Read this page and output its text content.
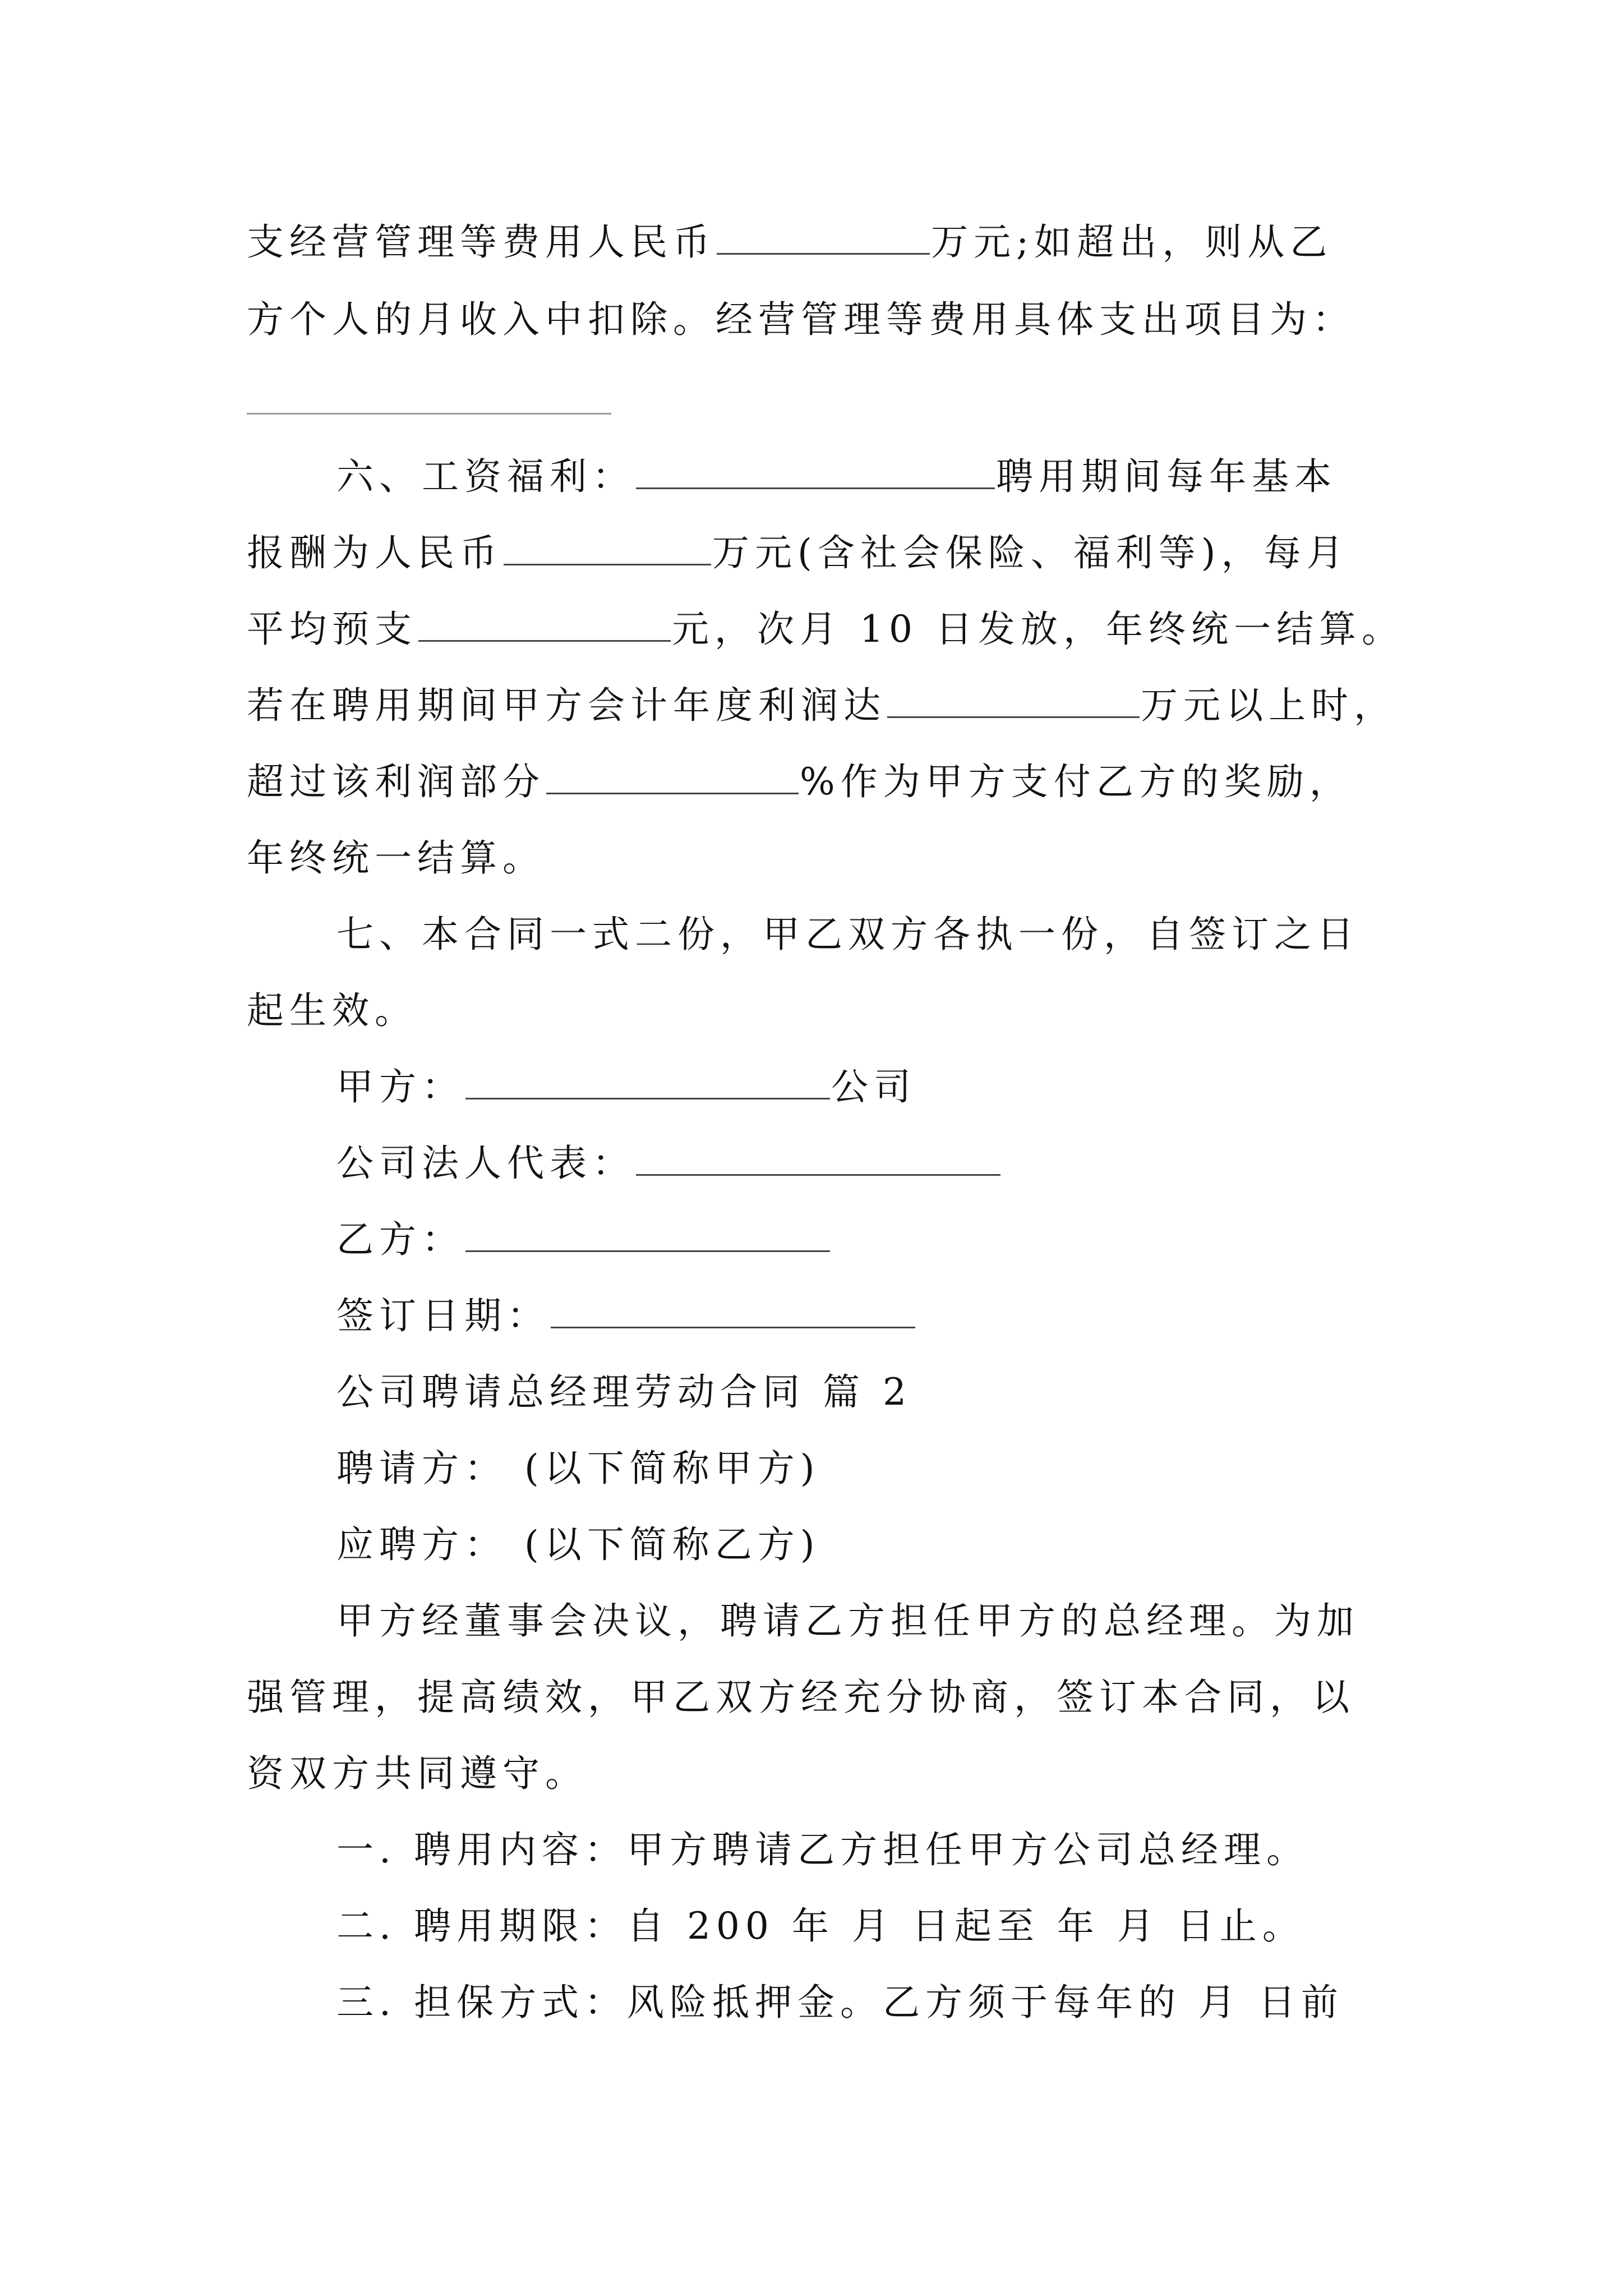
支经营管理等费用人民币	万元;如超出，则从乙
方个人的月收入中扣除。经营管理等费用具体支出项目为：
六、工资福利：	聘用期间每年基本
报酬为人民币	万元(含社会保险、福利等)，每月
平均预支	元，次月 10 日发放，年终统一结算。
若在聘用期间甲方会计年度利润达	万元以上时，
超过该利润部分	%作为甲方支付乙方的奖励，
年终统一结算。
七、本合同一式二份，甲乙双方各执一份，自签订之日
起生效。
甲方：	公司
公司法人代表：
乙方：
签订日期：
公司聘请总经理劳动合同 篇 2
聘请方： (以下简称甲方)
应聘方： (以下简称乙方)
甲方经董事会决议，聘请乙方担任甲方的总经理。为加
强管理，提高绩效，甲乙双方经充分协商，签订本合同，以
资双方共同遵守。
一. 聘用内容：甲方聘请乙方担任甲方公司总经理。
二. 聘用期限：自 200 年 月 日起至 年 月 日止。
三. 担保方式：风险抵押金。乙方须于每年的 月 日前
